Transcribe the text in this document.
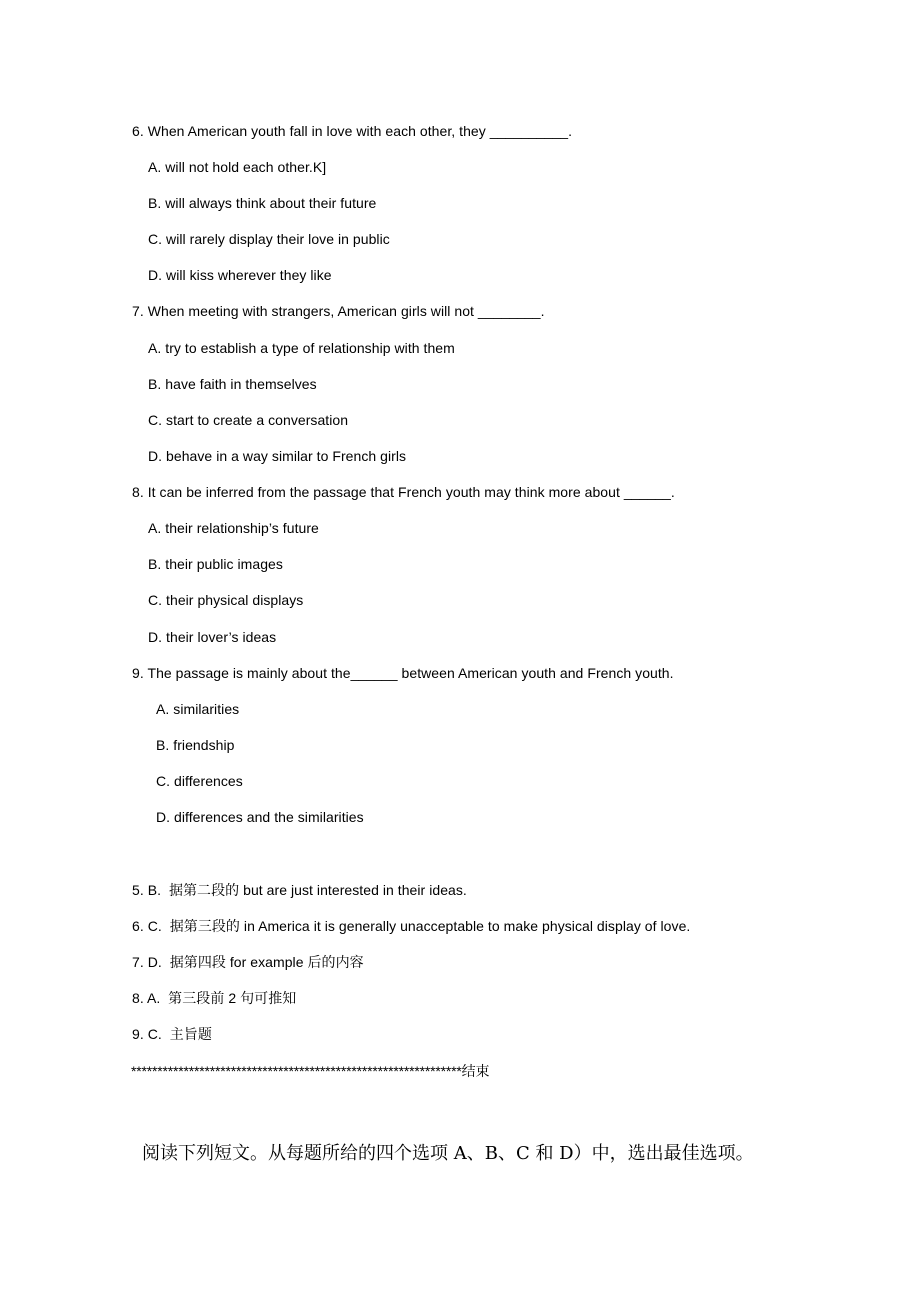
6. When American youth fall in love with each other, they __________.
A. will not hold each other.K]
B. will always think about their future
C. will rarely display their love in public
D. will kiss wherever they like
7. When meeting with strangers, American girls will not ________.
A. try to establish a type of relationship with them
B. have faith in themselves
C. start to create a conversation
D. behave in a way similar to French girls
8. It can be inferred from the passage that French youth may think more about ______.
A. their relationship’s future
B. their public images
C. their physical displays
D. their lover’s ideas
9. The passage is mainly about the______ between American youth and French youth.
A. similarities
B. friendship
C. differences
D. differences and the similarities
5. B. 据第二段的 but are just interested in their ideas.
6. C. 据第三段的 in America it is generally unacceptable to make physical display of love.
7. D. 据第四段 for example 后的内容
8. A. 第三段前 2 句可推知
9. C. 主旨题
***************************************************************结束
阅读下列短文。从每题所给的四个选项 A、B、C 和 D）中，选出最佳选项。
